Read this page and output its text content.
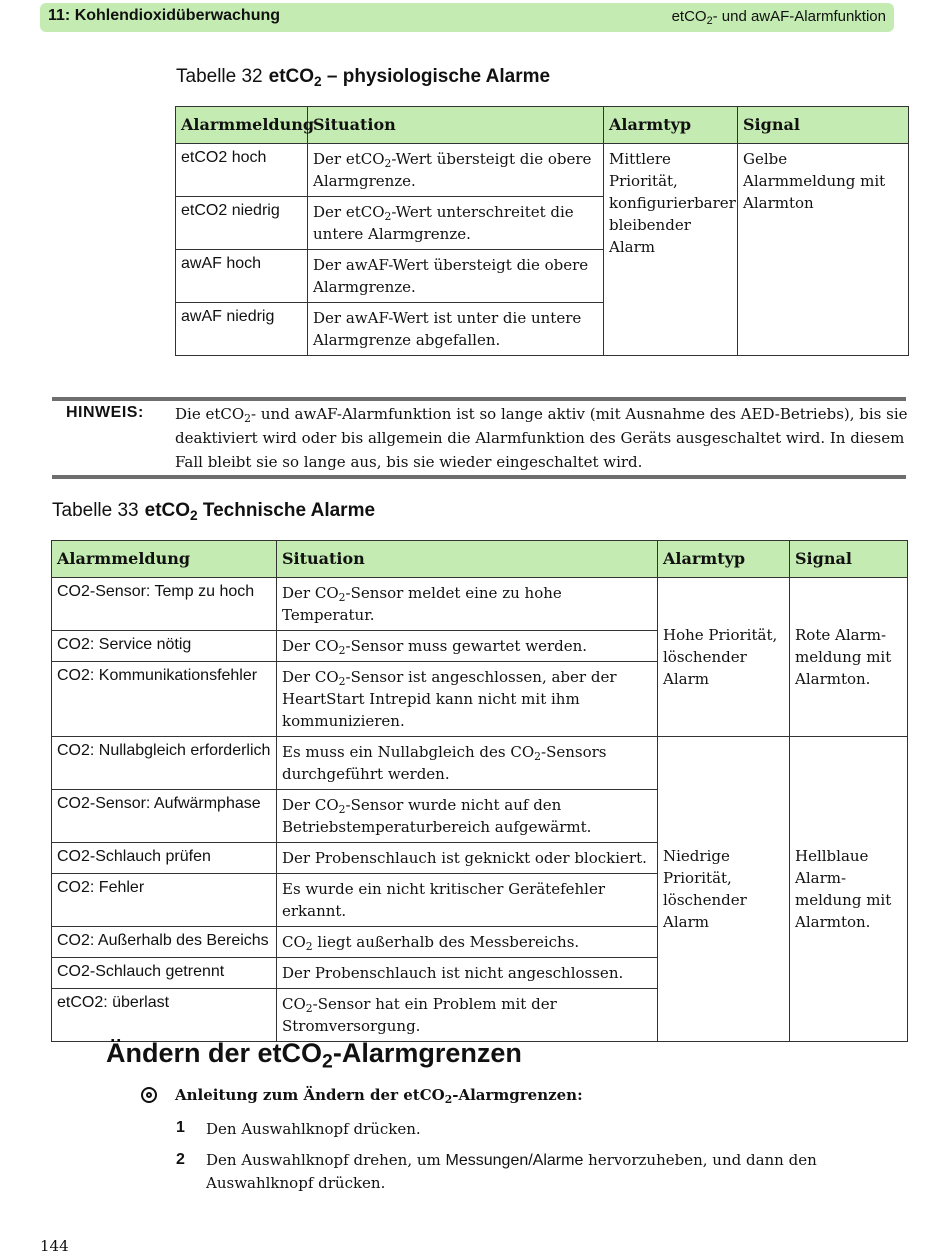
11: Kohlendioxidüberwachung	etCO$_2$- und awAF-Alarmfunktion
Tabelle 32 etCO$_2$ – physiologische Alarme
Alarmmeldung	Situation	Alarmtyp	Signal
etCO2 hoch	Der etCO$_2$-Wert übersteigt die obere Alarmgrenze.	Mittlere Priorität, konfigurierbarer bleibender Alarm	Gelbe Alarmmeldung mit Alarmton
etCO2 niedrig	Der etCO$_2$-Wert unterschreitet die untere Alarmgrenze.		
awAF hoch	Der awAF-Wert übersteigt die obere Alarmgrenze.		
awAF niedrig	Der awAF-Wert ist unter die untere Alarmgrenze abgefallen.		
HINWEIS: Die etCO$_2$- und awAF-Alarmfunktion ist so lange aktiv (mit Ausnahme des AED-Betriebs), bis sie deaktiviert wird oder bis allgemein die Alarmfunktion des Geräts ausgeschaltet wird. In diesem Fall bleibt sie so lange aus, bis sie wieder eingeschaltet wird.
Tabelle 33 etCO$_2$ Technische Alarme
Alarmmeldung	Situation	Alarmtyp	Signal
CO2-Sensor: Temp zu hoch	Der $CO_2$-Sensor meldet eine zu hohe Temperatur.	Hohe Priorität, löschender Alarm	Rote Alarm-meldung mit Alarmton.
CO2: Service nötig	Der $CO_2$-Sensor muss gewartet werden.		
CO2: Kommunikationsfehler	Der $CO_2$-Sensor ist angeschlossen, aber der HeartStart Intrepid kann nicht mit ihm kommunizieren.		
CO2: Nullabgleich erforderlich	Es muss ein Nullabgleich des $CO_2$-Sensors durchgeführt werden.	Niedrige Priorität, löschender Alarm	Hellblaue Alarm-meldung mit Alarmton.
CO2-Sensor: Aufwärmphase	Der $CO_2$-Sensor wurde nicht auf den Betriebstemperaturbereich aufgewärmt.		
CO2-Schlauch prüfen	Der Probenschlauch ist geknickt oder blockiert.		
CO2: Fehler	Es wurde ein nicht kritischer Gerätefehler erkannt.		
CO2: Außerhalb des Bereichs	$CO_2$ liegt außerhalb des Messbereichs.		
CO2-Schlauch getrennt	Der Probenschlauch ist nicht angeschlossen.		
etCO2: überlast	$CO_2$-Sensor hat ein Problem mit der Stromversorgung.		
Ändern der etCO$_2$-Alarmgrenzen
Anleitung zum Ändern der etCO$_2$-Alarmgrenzen:
1 Den Auswahlknopf drücken.
2 Den Auswahlknopf drehen, um Messungen/Alarme hervorzuheben, und dann den Auswahlknopf drücken.
144
